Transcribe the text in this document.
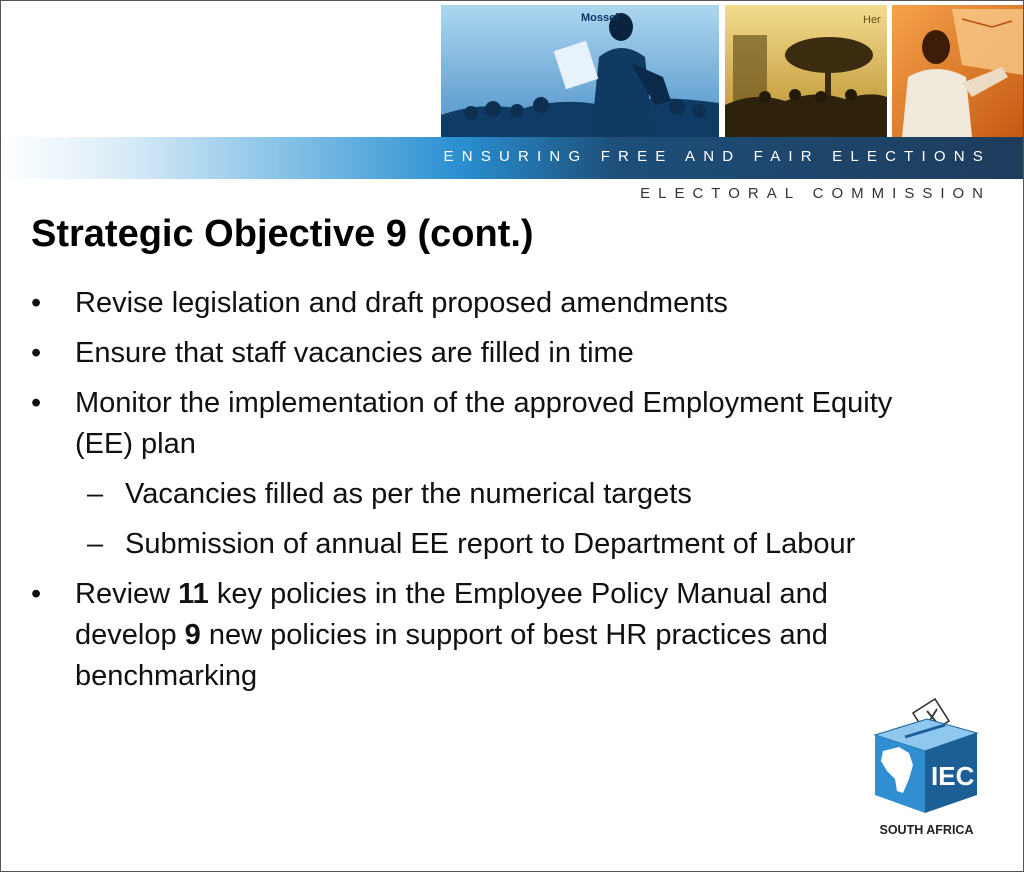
Mossel	Her
ENSURING FREE AND FAIR ELECTIONS
ELECTORAL COMMISSION
Strategic Objective 9 (cont.)
• Revise legislation and draft proposed amendments
• Ensure that staff vacancies are filled in time
• Monitor the implementation of the approved Employment Equity (EE) plan
– Vacancies filled as per the numerical targets
– Submission of annual EE report to Department of Labour
• Review 11 key policies in the Employee Policy Manual and develop 9 new policies in support of best HR practices and benchmarking
IEC
SOUTH AFRICA
